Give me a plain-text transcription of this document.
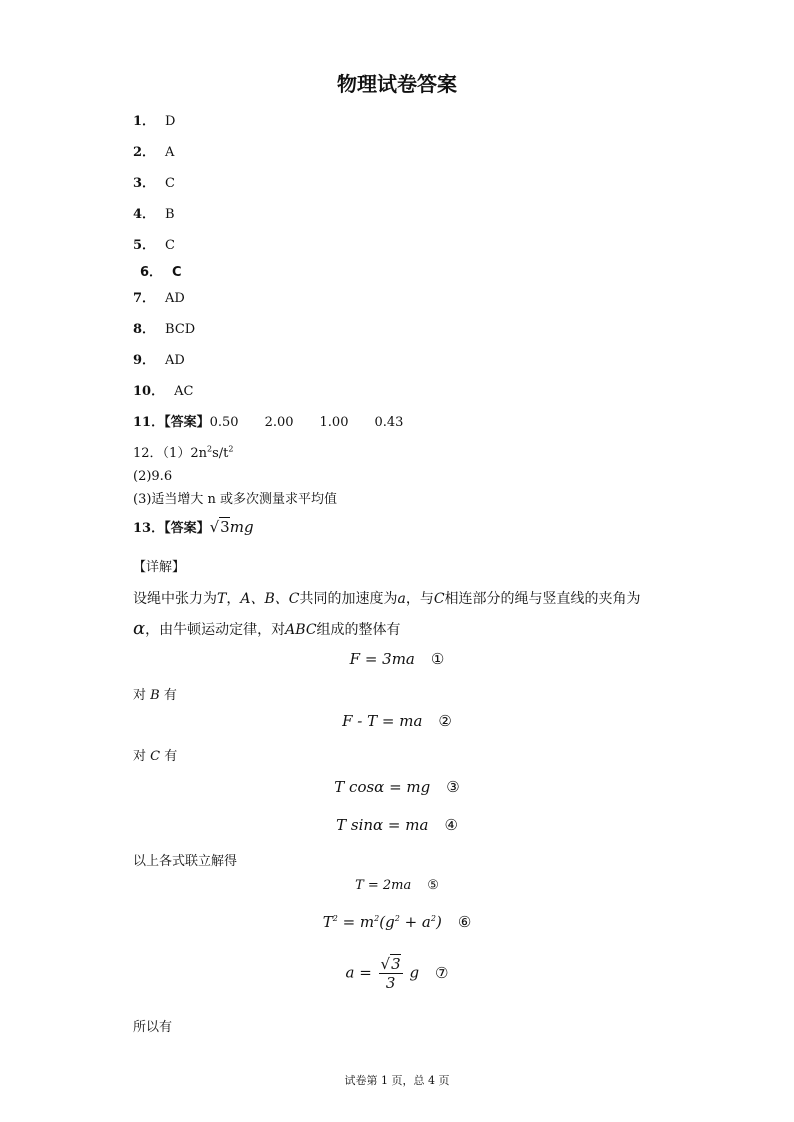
物理试卷答案
1． D
2． A
3． C
4． B
5． C
6． C
7． AD
8． BCD
9． AD
10． AC
11．【答案】0.50 2.00 1.00 0.43
12．$(1)2n^2s/t^2$
(2)9.6
(3)适当增大 n 或多次测量求平均值
13．【答案】√3mg
【详解】
设绳中张力为T，A、B、C共同的加速度为a，与C相连部分的绳与竖直线的夹角为
α，由牛顿运动定律，对ABC组成的整体有
F = 3ma ①
对 B 有
F - T = ma ②
对 C 有
T cosα = mg ③
T sinα = ma ④
以上各式联立解得
T = 2ma ⑤
$T^2 = m^2(g^2 + a^2)$ ⑥
$a = \frac{√3}{3}$ g ⑦
所以有
试卷第 1 页，总 4 页
